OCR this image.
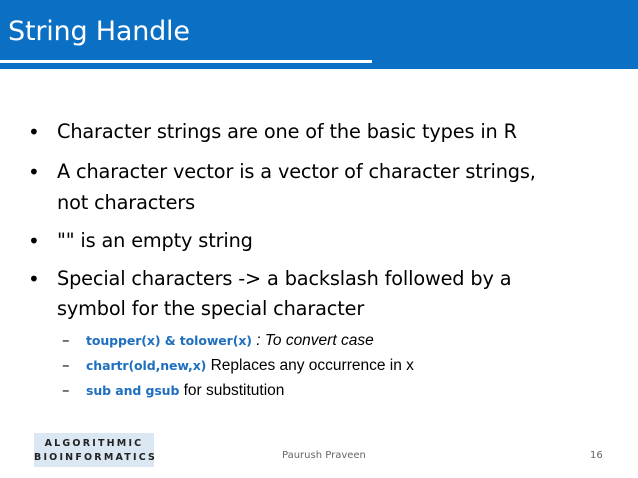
String Handle
• Character strings are one of the basic types in R
• A character vector is a vector of character strings,
not characters
• "" is an empty string
• Special characters -> a backslash followed by a
symbol for the special character
– toupper(x) & tolower(x) : To convert case
– chartr(old,new,x) Replaces any occurrence in x
– sub and gsub for substitution
ALGORITHMIC
BIOINFORMATICS	Paurush Praveen	16
